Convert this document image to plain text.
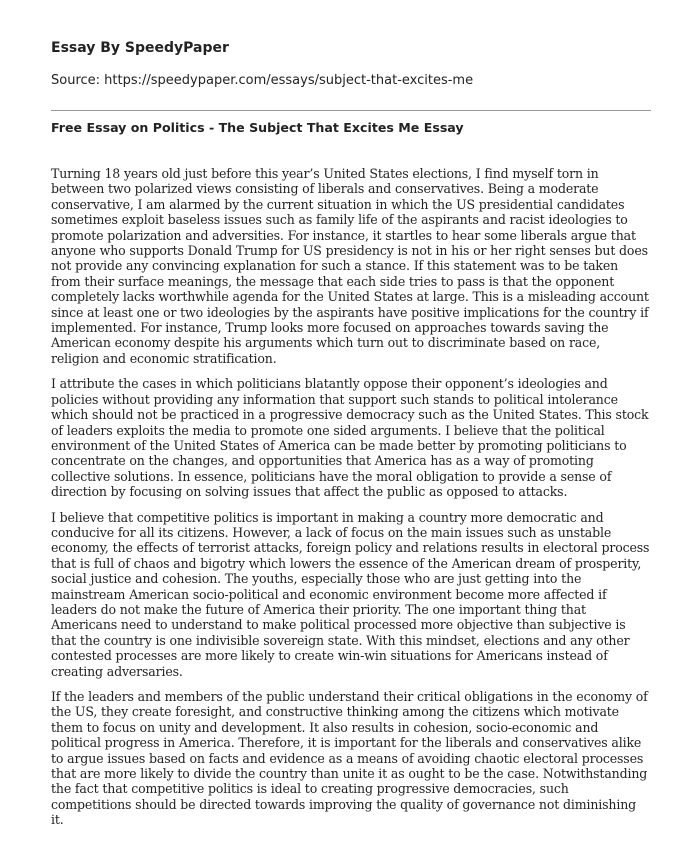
Essay By SpeedyPaper
Source: https://speedypaper.com/essays/subject-that-excites-me
Free Essay on Politics - The Subject That Excites Me Essay

Turning 18 years old just before this year’s United States elections, I find myself torn in between two polarized views consisting of liberals and conservatives. Being a moderate conservative, I am alarmed by the current situation in which the US presidential candidates sometimes exploit baseless issues such as family life of the aspirants and racist ideologies to promote polarization and adversities. For instance, it startles to hear some liberals argue that anyone who supports Donald Trump for US presidency is not in his or her right senses but does not provide any convincing explanation for such a stance. If this statement was to be taken from their surface meanings, the message that each side tries to pass is that the opponent completely lacks worthwhile agenda for the United States at large. This is a misleading account since at least one or two ideologies by the aspirants have positive implications for the country if implemented. For instance, Trump looks more focused on approaches towards saving the American economy despite his arguments which turn out to discriminate based on race, religion and economic stratification.

I attribute the cases in which politicians blatantly oppose their opponent’s ideologies and policies without providing any information that support such stands to political intolerance which should not be practiced in a progressive democracy such as the United States. This stock of leaders exploits the media to promote one sided arguments. I believe that the political environment of the United States of America can be made better by promoting politicians to concentrate on the changes, and opportunities that America has as a way of promoting collective solutions. In essence, politicians have the moral obligation to provide a sense of direction by focusing on solving issues that affect the public as opposed to attacks.

I believe that competitive politics is important in making a country more democratic and conducive for all its citizens. However, a lack of focus on the main issues such as unstable economy, the effects of terrorist attacks, foreign policy and relations results in electoral process that is full of chaos and bigotry which lowers the essence of the American dream of prosperity, social justice and cohesion. The youths, especially those who are just getting into the mainstream American socio-political and economic environment become more affected if leaders do not make the future of America their priority. The one important thing that Americans need to understand to make political processed more objective than subjective is that the country is one indivisible sovereign state. With this mindset, elections and any other contested processes are more likely to create win-win situations for Americans instead of creating adversaries.

If the leaders and members of the public understand their critical obligations in the economy of the US, they create foresight, and constructive thinking among the citizens which motivate them to focus on unity and development. It also results in cohesion, socio-economic and political progress in America. Therefore, it is important for the liberals and conservatives alike to argue issues based on facts and evidence as a means of avoiding chaotic electoral processes that are more likely to divide the country than unite it as ought to be the case. Notwithstanding the fact that competitive politics is ideal to creating progressive democracies, such competitions should be directed towards improving the quality of governance not diminishing it.
